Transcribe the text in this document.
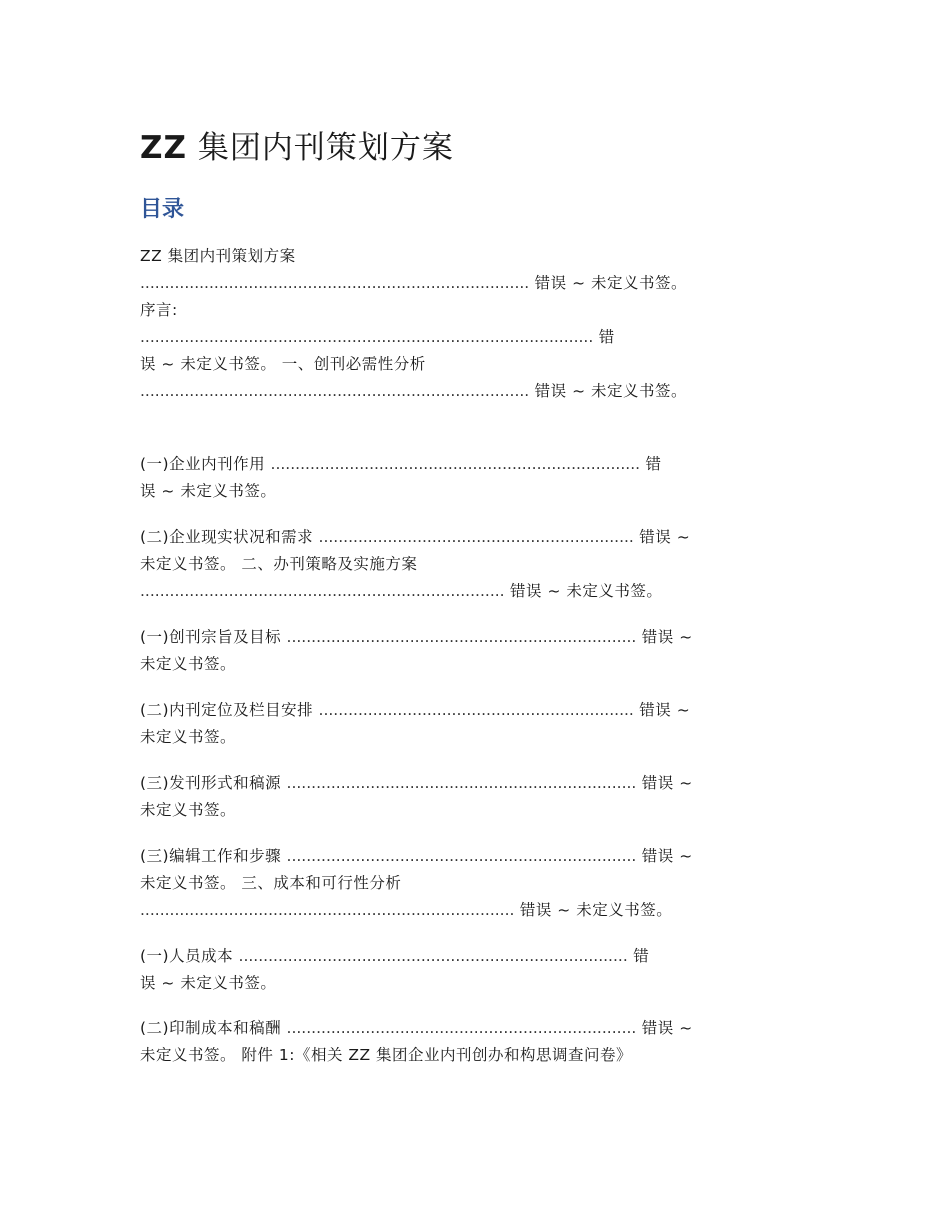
ZZ 集团内刊策划方案
目录
ZZ 集团内刊策划方案
............................................................................... 错误 ~ 未定义书签。
序言:
............................................................................................ 错
误 ~ 未定义书签。 一、创刊必需性分析
............................................................................... 错误 ~ 未定义书签。
(一)企业内刊作用 ........................................................................... 错
误 ~ 未定义书签。
(二)企业现实状况和需求 ................................................................ 错误 ~
未定义书签。 二、办刊策略及实施方案
.......................................................................... 错误 ~ 未定义书签。
(一)创刊宗旨及目标 ....................................................................... 错误 ~
未定义书签。
(二)内刊定位及栏目安排 ................................................................ 错误 ~
未定义书签。
(三)发刊形式和稿源 ....................................................................... 错误 ~
未定义书签。
(三)编辑工作和步骤 ....................................................................... 错误 ~
未定义书签。 三、成本和可行性分析
............................................................................ 错误 ~ 未定义书签。
(一)人员成本 ............................................................................... 错
误 ~ 未定义书签。
(二)印制成本和稿酬 ....................................................................... 错误 ~
未定义书签。 附件 1:《相关 ZZ 集团企业内刊创办和构思调查问卷》
